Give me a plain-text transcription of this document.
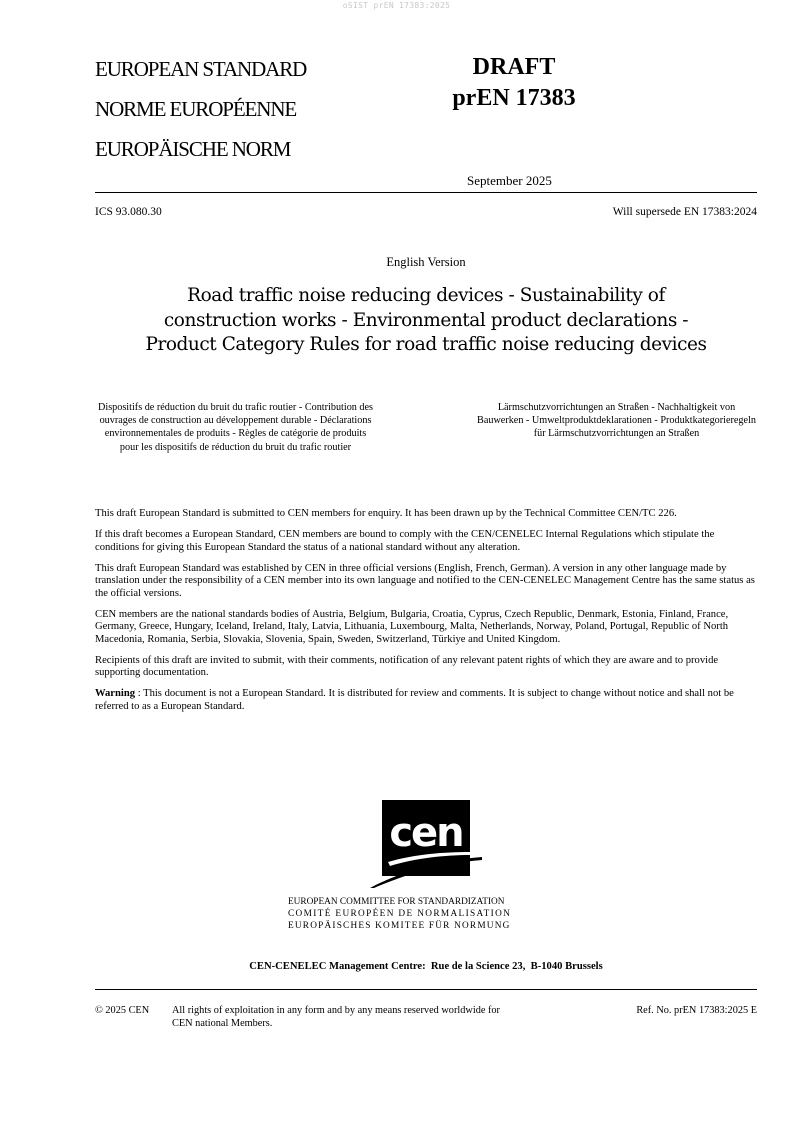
oSIST prEN 17383:2025
EUROPEAN STANDARD
NORME EUROPÉENNE
EUROPÄISCHE NORM
DRAFT
prEN 17383
September 2025
ICS 93.080.30	Will supersede EN 17383:2024
English Version
Road traffic noise reducing devices - Sustainability of construction works - Environmental product declarations - Product Category Rules for road traffic noise reducing devices
Dispositifs de réduction du bruit du trafic routier - Contribution des ouvrages de construction au développement durable - Déclarations environnementales de produits - Règles de catégorie de produits pour les dispositifs de réduction du bruit du trafic routier
Lärmschutzvorrichtungen an Straßen - Nachhaltigkeit von Bauwerken - Umweltproduktdeklarationen - Produktkategorieregeln für Lärmschutzvorrichtungen an Straßen

This draft European Standard is submitted to CEN members for enquiry. It has been drawn up by the Technical Committee CEN/TC 226.

If this draft becomes a European Standard, CEN members are bound to comply with the CEN/CENELEC Internal Regulations which stipulate the conditions for giving this European Standard the status of a national standard without any alteration.

This draft European Standard was established by CEN in three official versions (English, French, German). A version in any other language made by translation under the responsibility of a CEN member into its own language and notified to the CEN-CENELEC Management Centre has the same status as the official versions.

CEN members are the national standards bodies of Austria, Belgium, Bulgaria, Croatia, Cyprus, Czech Republic, Denmark, Estonia, Finland, France, Germany, Greece, Hungary, Iceland, Ireland, Italy, Latvia, Lithuania, Luxembourg, Malta, Netherlands, Norway, Poland, Portugal, Republic of North Macedonia, Romania, Serbia, Slovakia, Slovenia, Spain, Sweden, Switzerland, Türkiye and United Kingdom.

Recipients of this draft are invited to submit, with their comments, notification of any relevant patent rights of which they are aware and to provide supporting documentation.

Warning : This document is not a European Standard. It is distributed for review and comments. It is subject to change without notice and shall not be referred to as a European Standard.

cen
EUROPEAN COMMITTEE FOR STANDARDIZATION
COMITÉ EUROPÉEN DE NORMALISATION
EUROPÄISCHES KOMITEE FÜR NORMUNG
CEN-CENELEC Management Centre:  Rue de la Science 23,  B-1040 Brussels
© 2025 CEN All rights of exploitation in any form and by any means reserved worldwide for CEN national Members.
Ref. No. prEN 17383:2025 E
